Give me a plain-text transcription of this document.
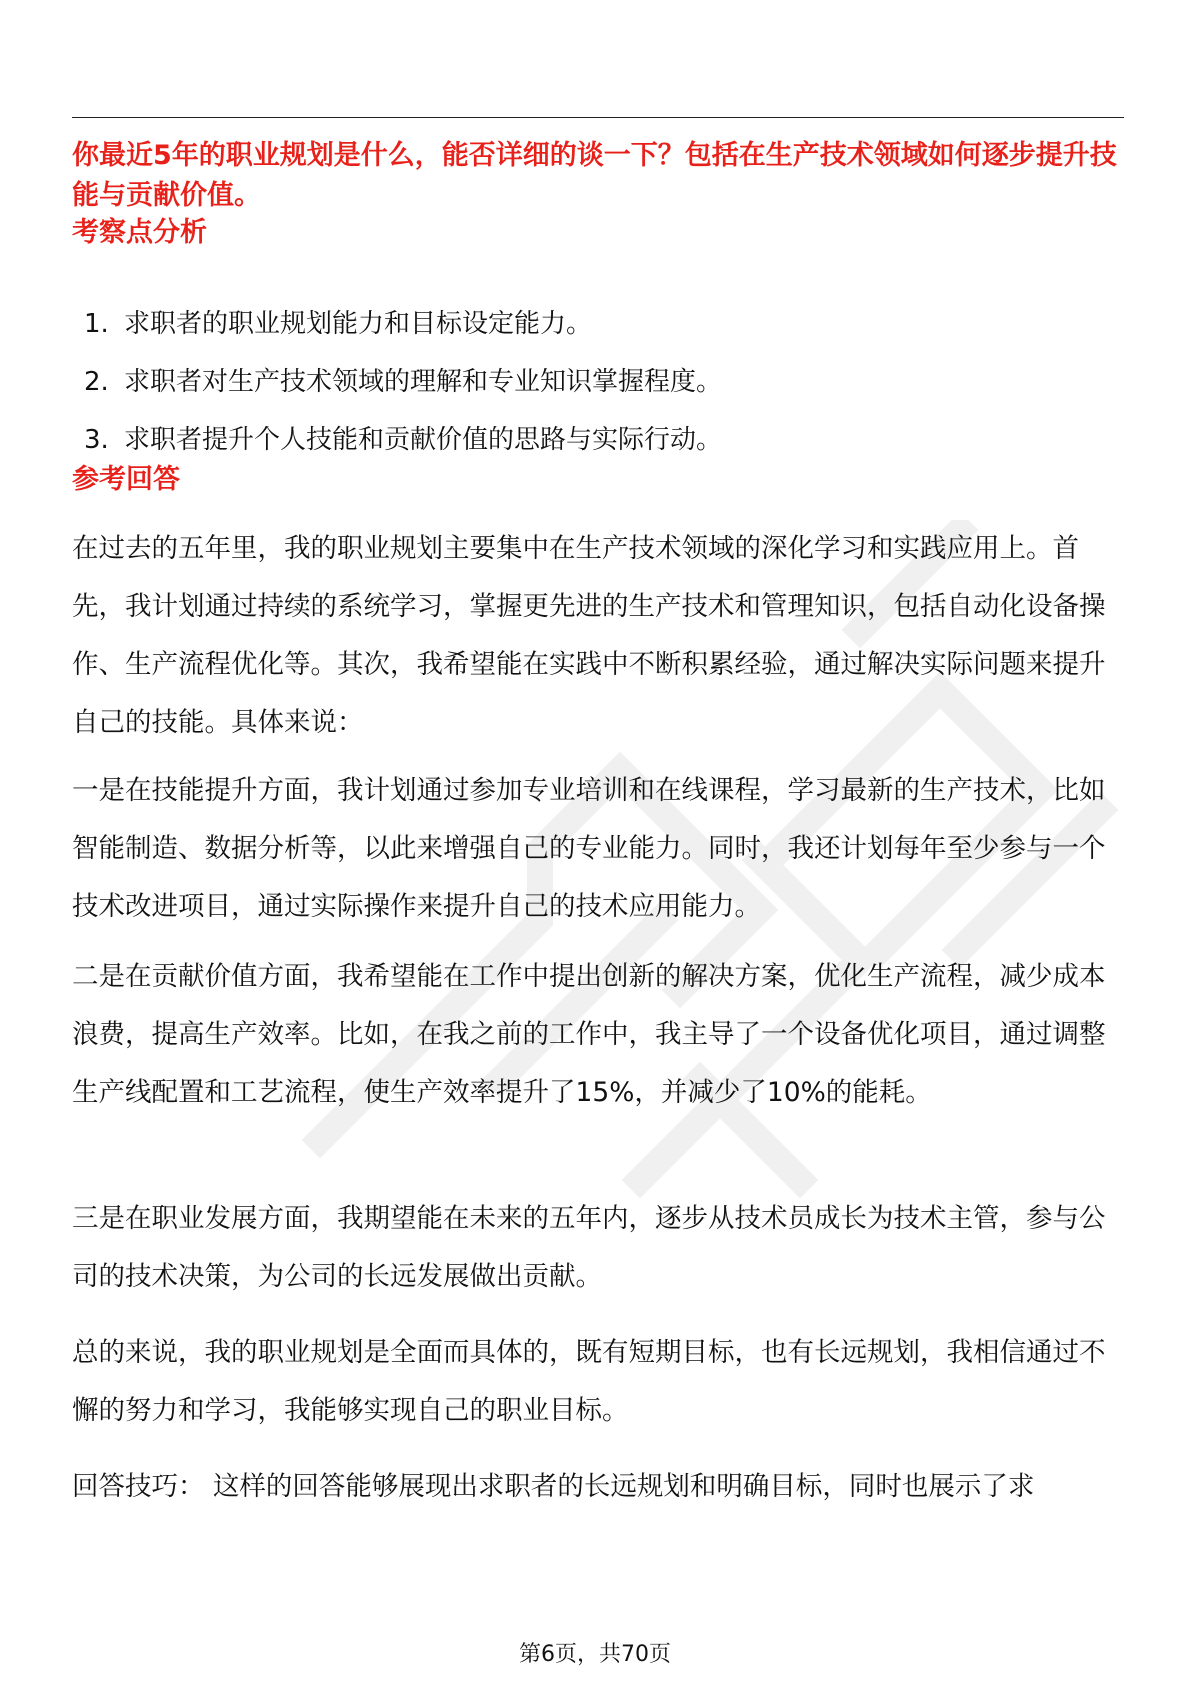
你最近5年的职业规划是什么，能否详细的谈一下？包括在生产技术领域如何逐步提升技能与贡献价值。

考察点分析
1. 求职者的职业规划能力和目标设定能力。
2. 求职者对生产技术领域的理解和专业知识掌握程度。
3. 求职者提升个人技能和贡献价值的思路与实际行动。
参考回答

在过去的五年里，我的职业规划主要集中在生产技术领域的深化学习和实践应用上。首先，我计划通过持续的系统学习，掌握更先进的生产技术和管理知识，包括自动化设备操作、生产流程优化等。其次，我希望能在实践中不断积累经验，通过解决实际问题来提升自己的技能。具体来说：

一是在技能提升方面，我计划通过参加专业培训和在线课程，学习最新的生产技术，比如智能制造、数据分析等，以此来增强自己的专业能力。同时，我还计划每年至少参与一个技术改进项目，通过实际操作来提升自己的技术应用能力。

二是在贡献价值方面，我希望能在工作中提出创新的解决方案，优化生产流程，减少成本浪费，提高生产效率。比如，在我之前的工作中，我主导了一个设备优化项目，通过调整生产线配置和工艺流程，使生产效率提升了15%，并减少了10%的能耗。

三是在职业发展方面，我期望能在未来的五年内，逐步从技术员成长为技术主管，参与公司的技术决策，为公司的长远发展做出贡献。

总的来说，我的职业规划是全面而具体的，既有短期目标，也有长远规划，我相信通过不懈的努力和学习，我能够实现自己的职业目标。

回答技巧： 这样的回答能够展现出求职者的长远规划和明确目标，同时也展示了求

第6页，共70页
